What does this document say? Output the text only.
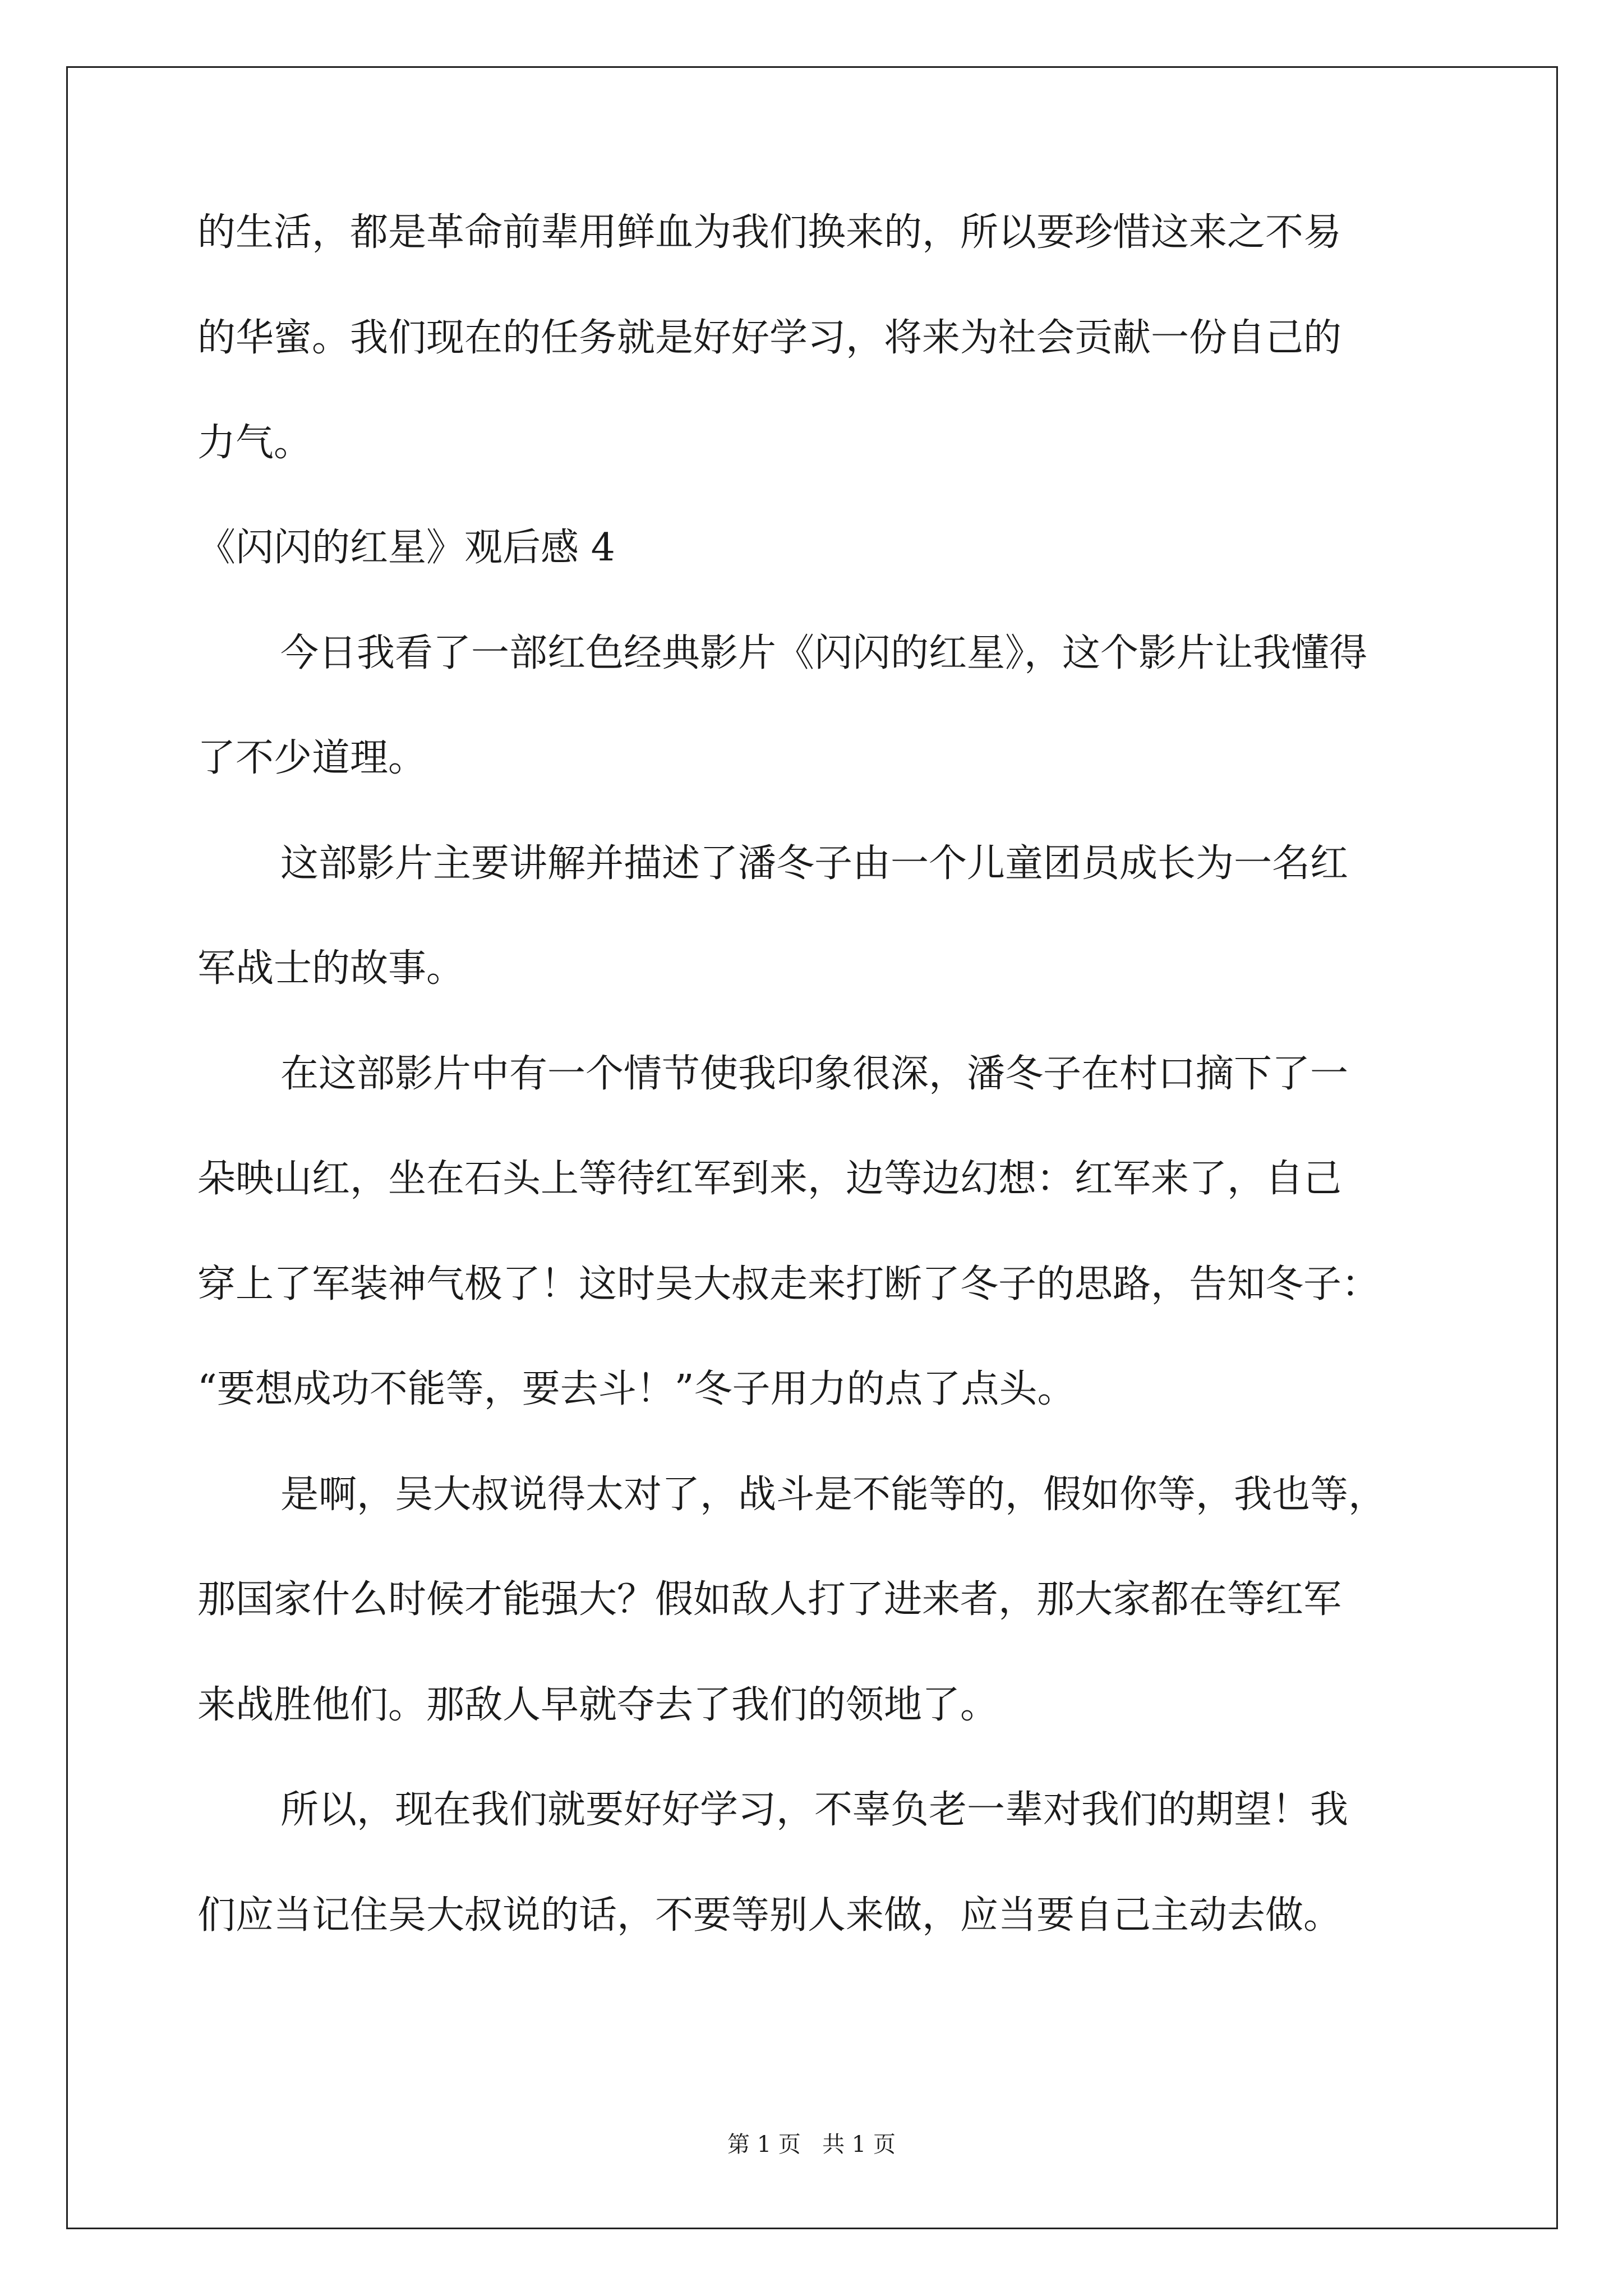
的生活，都是革命前辈用鲜血为我们换来的，所以要珍惜这来之不易
的华蜜。我们现在的任务就是好好学习，将来为社会贡献一份自己的
力气。
《闪闪的红星》观后感 4
今日我看了一部红色经典影片《闪闪的红星》，这个影片让我懂得
了不少道理。
这部影片主要讲解并描述了潘冬子由一个儿童团员成长为一名红
军战士的故事。
在这部影片中有一个情节使我印象很深，潘冬子在村口摘下了一
朵映山红，坐在石头上等待红军到来，边等边幻想：红军来了，自己
穿上了军装神气极了！这时吴大叔走来打断了冬子的思路，告知冬子：
“要想成功不能等，要去斗！”冬子用力的点了点头。
是啊，吴大叔说得太对了，战斗是不能等的，假如你等，我也等，
那国家什么时候才能强大？假如敌人打了进来者，那大家都在等红军
来战胜他们。那敌人早就夺去了我们的领地了。
所以，现在我们就要好好学习，不辜负老一辈对我们的期望！我
们应当记住吴大叔说的话，不要等别人来做，应当要自己主动去做。
第 1 页   共 1 页
